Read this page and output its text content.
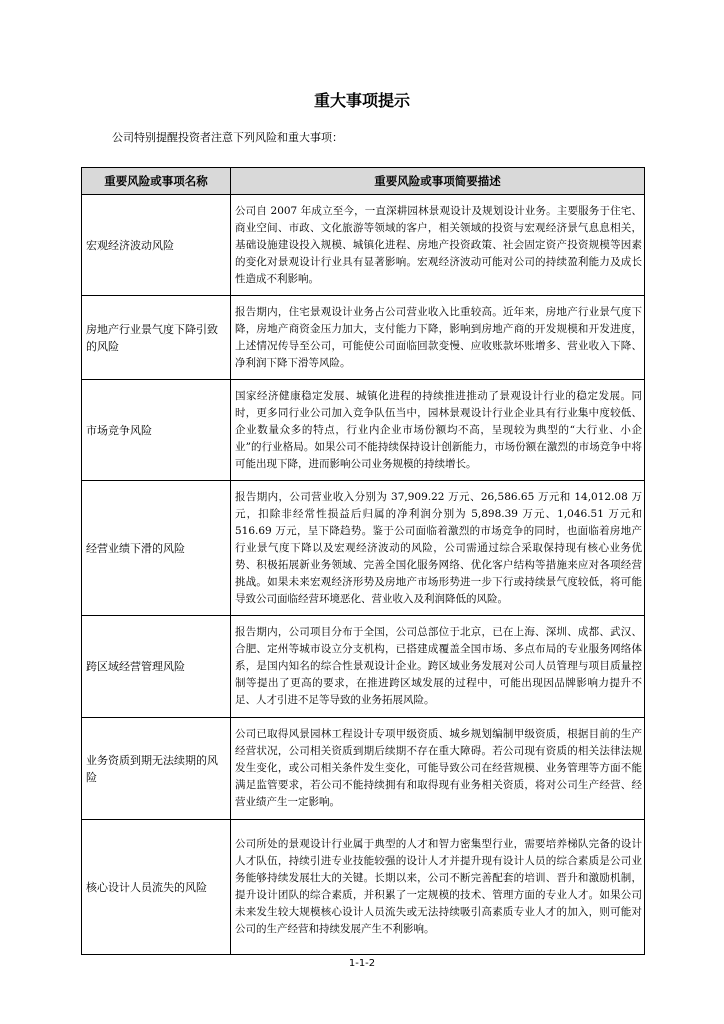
重大事项提示
公司特别提醒投资者注意下列风险和重大事项：
重要风险或事项名称	重要风险或事项简要描述
宏观经济波动风险	公司自 2007 年成立至今，一直深耕园林景观设计及规划设计业务。主要服务于住宅、商业空间、市政、文化旅游等领域的客户，相关领域的投资与宏观经济景气息息相关，基础设施建设投入规模、城镇化进程、房地产投资政策、社会固定资产投资规模等因素的变化对景观设计行业具有显著影响。宏观经济波动可能对公司的持续盈利能力及成长性造成不利影响。
房地产行业景气度下降引致的风险	报告期内，住宅景观设计业务占公司营业收入比重较高。近年来，房地产行业景气度下降，房地产商资金压力加大，支付能力下降，影响到房地产商的开发规模和开发进度，上述情况传导至公司，可能使公司面临回款变慢、应收账款坏账增多、营业收入下降、净利润下降下滑等风险。
市场竞争风险	国家经济健康稳定发展、城镇化进程的持续推进推动了景观设计行业的稳定发展。同时，更多同行业公司加入竞争队伍当中，园林景观设计行业企业具有行业集中度较低、企业数量众多的特点，行业内企业市场份额均不高，呈现较为典型的“大行业、小企业”的行业格局。如果公司不能持续保持设计创新能力，市场份额在激烈的市场竞争中将可能出现下降，进而影响公司业务规模的持续增长。
经营业绩下滑的风险	报告期内，公司营业收入分别为 37,909.22 万元、26,586.65 万元和 14,012.08 万元，扣除非经常性损益后归属的净利润分别为 5,898.39 万元、1,046.51 万元和 516.69 万元，呈下降趋势。鉴于公司面临着激烈的市场竞争的同时，也面临着房地产行业景气度下降以及宏观经济波动的风险，公司需通过综合采取保持现有核心业务优势、积极拓展新业务领域、完善全国化服务网络、优化客户结构等措施来应对各项经营挑战。如果未来宏观经济形势及房地产市场形势进一步下行或持续景气度较低，将可能导致公司面临经营环境恶化、营业收入及利润降低的风险。
跨区域经营管理风险	报告期内，公司项目分布于全国，公司总部位于北京，已在上海、深圳、成都、武汉、合肥、定州等城市设立分支机构，已搭建成覆盖全国市场、多点布局的专业服务网络体系，是国内知名的综合性景观设计企业。跨区域业务发展对公司人员管理与项目质量控制等提出了更高的要求，在推进跨区域发展的过程中，可能出现因品牌影响力提升不足、人才引进不足等导致的业务拓展风险。
业务资质到期无法续期的风险	公司已取得风景园林工程设计专项甲级资质、城乡规划编制甲级资质，根据目前的生产经营状况，公司相关资质到期后续期不存在重大障碍。若公司现有资质的相关法律法规发生变化，或公司相关条件发生变化，可能导致公司在经营规模、业务管理等方面不能满足监管要求，若公司不能持续拥有和取得现有业务相关资质，将对公司生产经营、经营业绩产生一定影响。
核心设计人员流失的风险	公司所处的景观设计行业属于典型的人才和智力密集型行业，需要培养梯队完备的设计人才队伍，持续引进专业技能较强的设计人才并提升现有设计人员的综合素质是公司业务能够持续发展壮大的关键。长期以来，公司不断完善配套的培训、晋升和激励机制，提升设计团队的综合素质，并积累了一定规模的技术、管理方面的专业人才。如果公司未来发生较大规模核心设计人员流失或无法持续吸引高素质专业人才的加入，则可能对公司的生产经营和持续发展产生不利影响。
1-1-2
